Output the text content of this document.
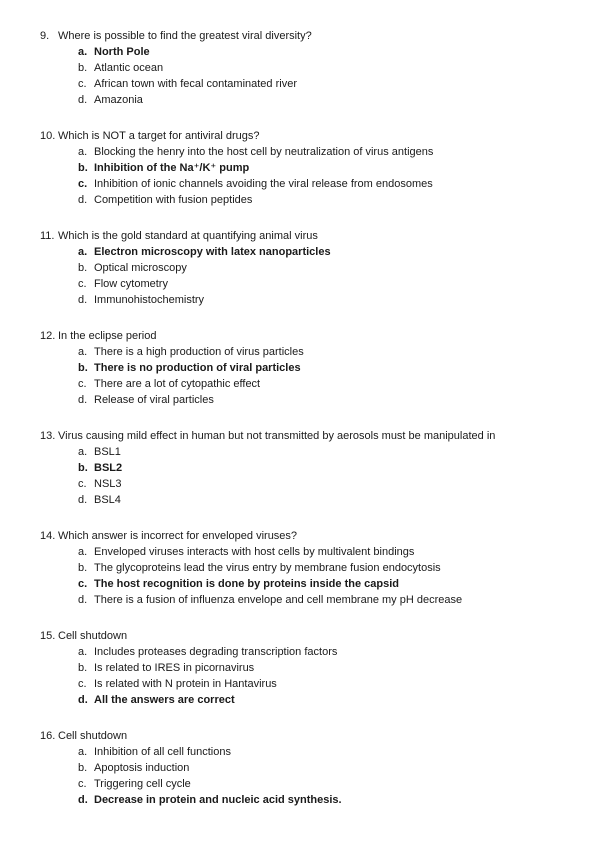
9. Where is possible to find the greatest viral diversity?
a. North Pole
b. Atlantic ocean
c. African town with fecal contaminated river
d. Amazonia
10. Which is NOT a target for antiviral drugs?
a. Blocking the henry into the host cell by neutralization of virus antigens
b. Inhibition of the Na⁺/K⁺ pump
c. Inhibition of ionic channels avoiding the viral release from endosomes
d. Competition with fusion peptides
11. Which is the gold standard at quantifying animal virus
a. Electron microscopy with latex nanoparticles
b. Optical microscopy
c. Flow cytometry
d. Immunohistochemistry
12. In the eclipse period
a. There is a high production of virus particles
b. There is no production of viral particles
c. There are a lot of cytopathic effect
d. Release of viral particles
13. Virus causing mild effect in human but not transmitted by aerosols must be manipulated in
a. BSL1
b. BSL2
c. NSL3
d. BSL4
14. Which answer is incorrect for enveloped viruses?
a. Enveloped viruses interacts with host cells by multivalent bindings
b. The glycoproteins lead the virus entry by membrane fusion endocytosis
c. The host recognition is done by proteins inside the capsid
d. There is a fusion of influenza envelope and cell membrane my pH decrease
15. Cell shutdown
a. Includes proteases degrading transcription factors
b. Is related to IRES in picornavirus
c. Is related with N protein in Hantavirus
d. All the answers are correct
16. Cell shutdown
a. Inhibition of all cell functions
b. Apoptosis induction
c. Triggering cell cycle
d. Decrease in protein and nucleic acid synthesis.
